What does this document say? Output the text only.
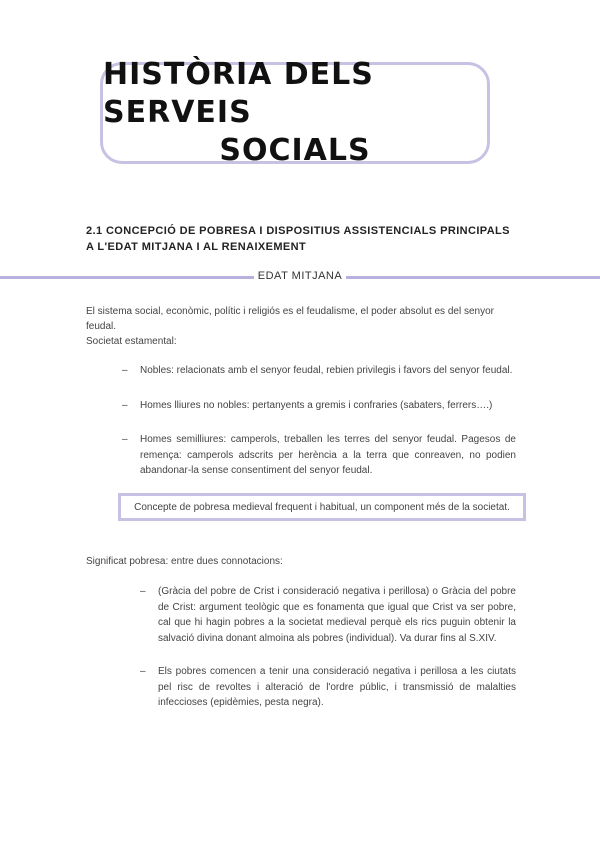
HISTÒRIA DELS SERVEIS
SOCIALS
2.1 CONCEPCIÓ DE POBRESA I DISPOSITIUS ASSISTENCIALS PRINCIPALS A L'EDAT MITJANA I AL RENAIXEMENT
EDAT MITJANA
El sistema social, econòmic, polític i religiós es el feudalisme, el poder absolut es del senyor feudal.
Societat estamental:
– Nobles: relacionats amb el senyor feudal, rebien privilegis i favors del senyor feudal.
– Homes lliures no nobles: pertanyents a gremis i confraries (sabaters, ferrers….)
– Homes semilliures: camperols, treballen les terres del senyor feudal. Pagesos de remença: camperols adscrits per herència a la terra que conreaven, no podien abandonar-la sense consentiment del senyor feudal.
Concepte de pobresa medieval frequent i habitual, un component més de la societat.
Significat pobresa: entre dues connotacions:
– (Gràcia del pobre de Crist i consideració negativa i perillosa) o Gràcia del pobre de Crist: argument teològic que es fonamenta que igual que Crist va ser pobre, cal que hi hagin pobres a la societat medieval perquè els rics puguin obtenir la salvació divina donant almoina als pobres (individual). Va durar fins al S.XIV.
– Els pobres comencen a tenir una consideració negativa i perillosa a les ciutats pel risc de revoltes i alteració de l'ordre públic, i transmissió de malalties infeccioses (epidèmies, pesta negra).
